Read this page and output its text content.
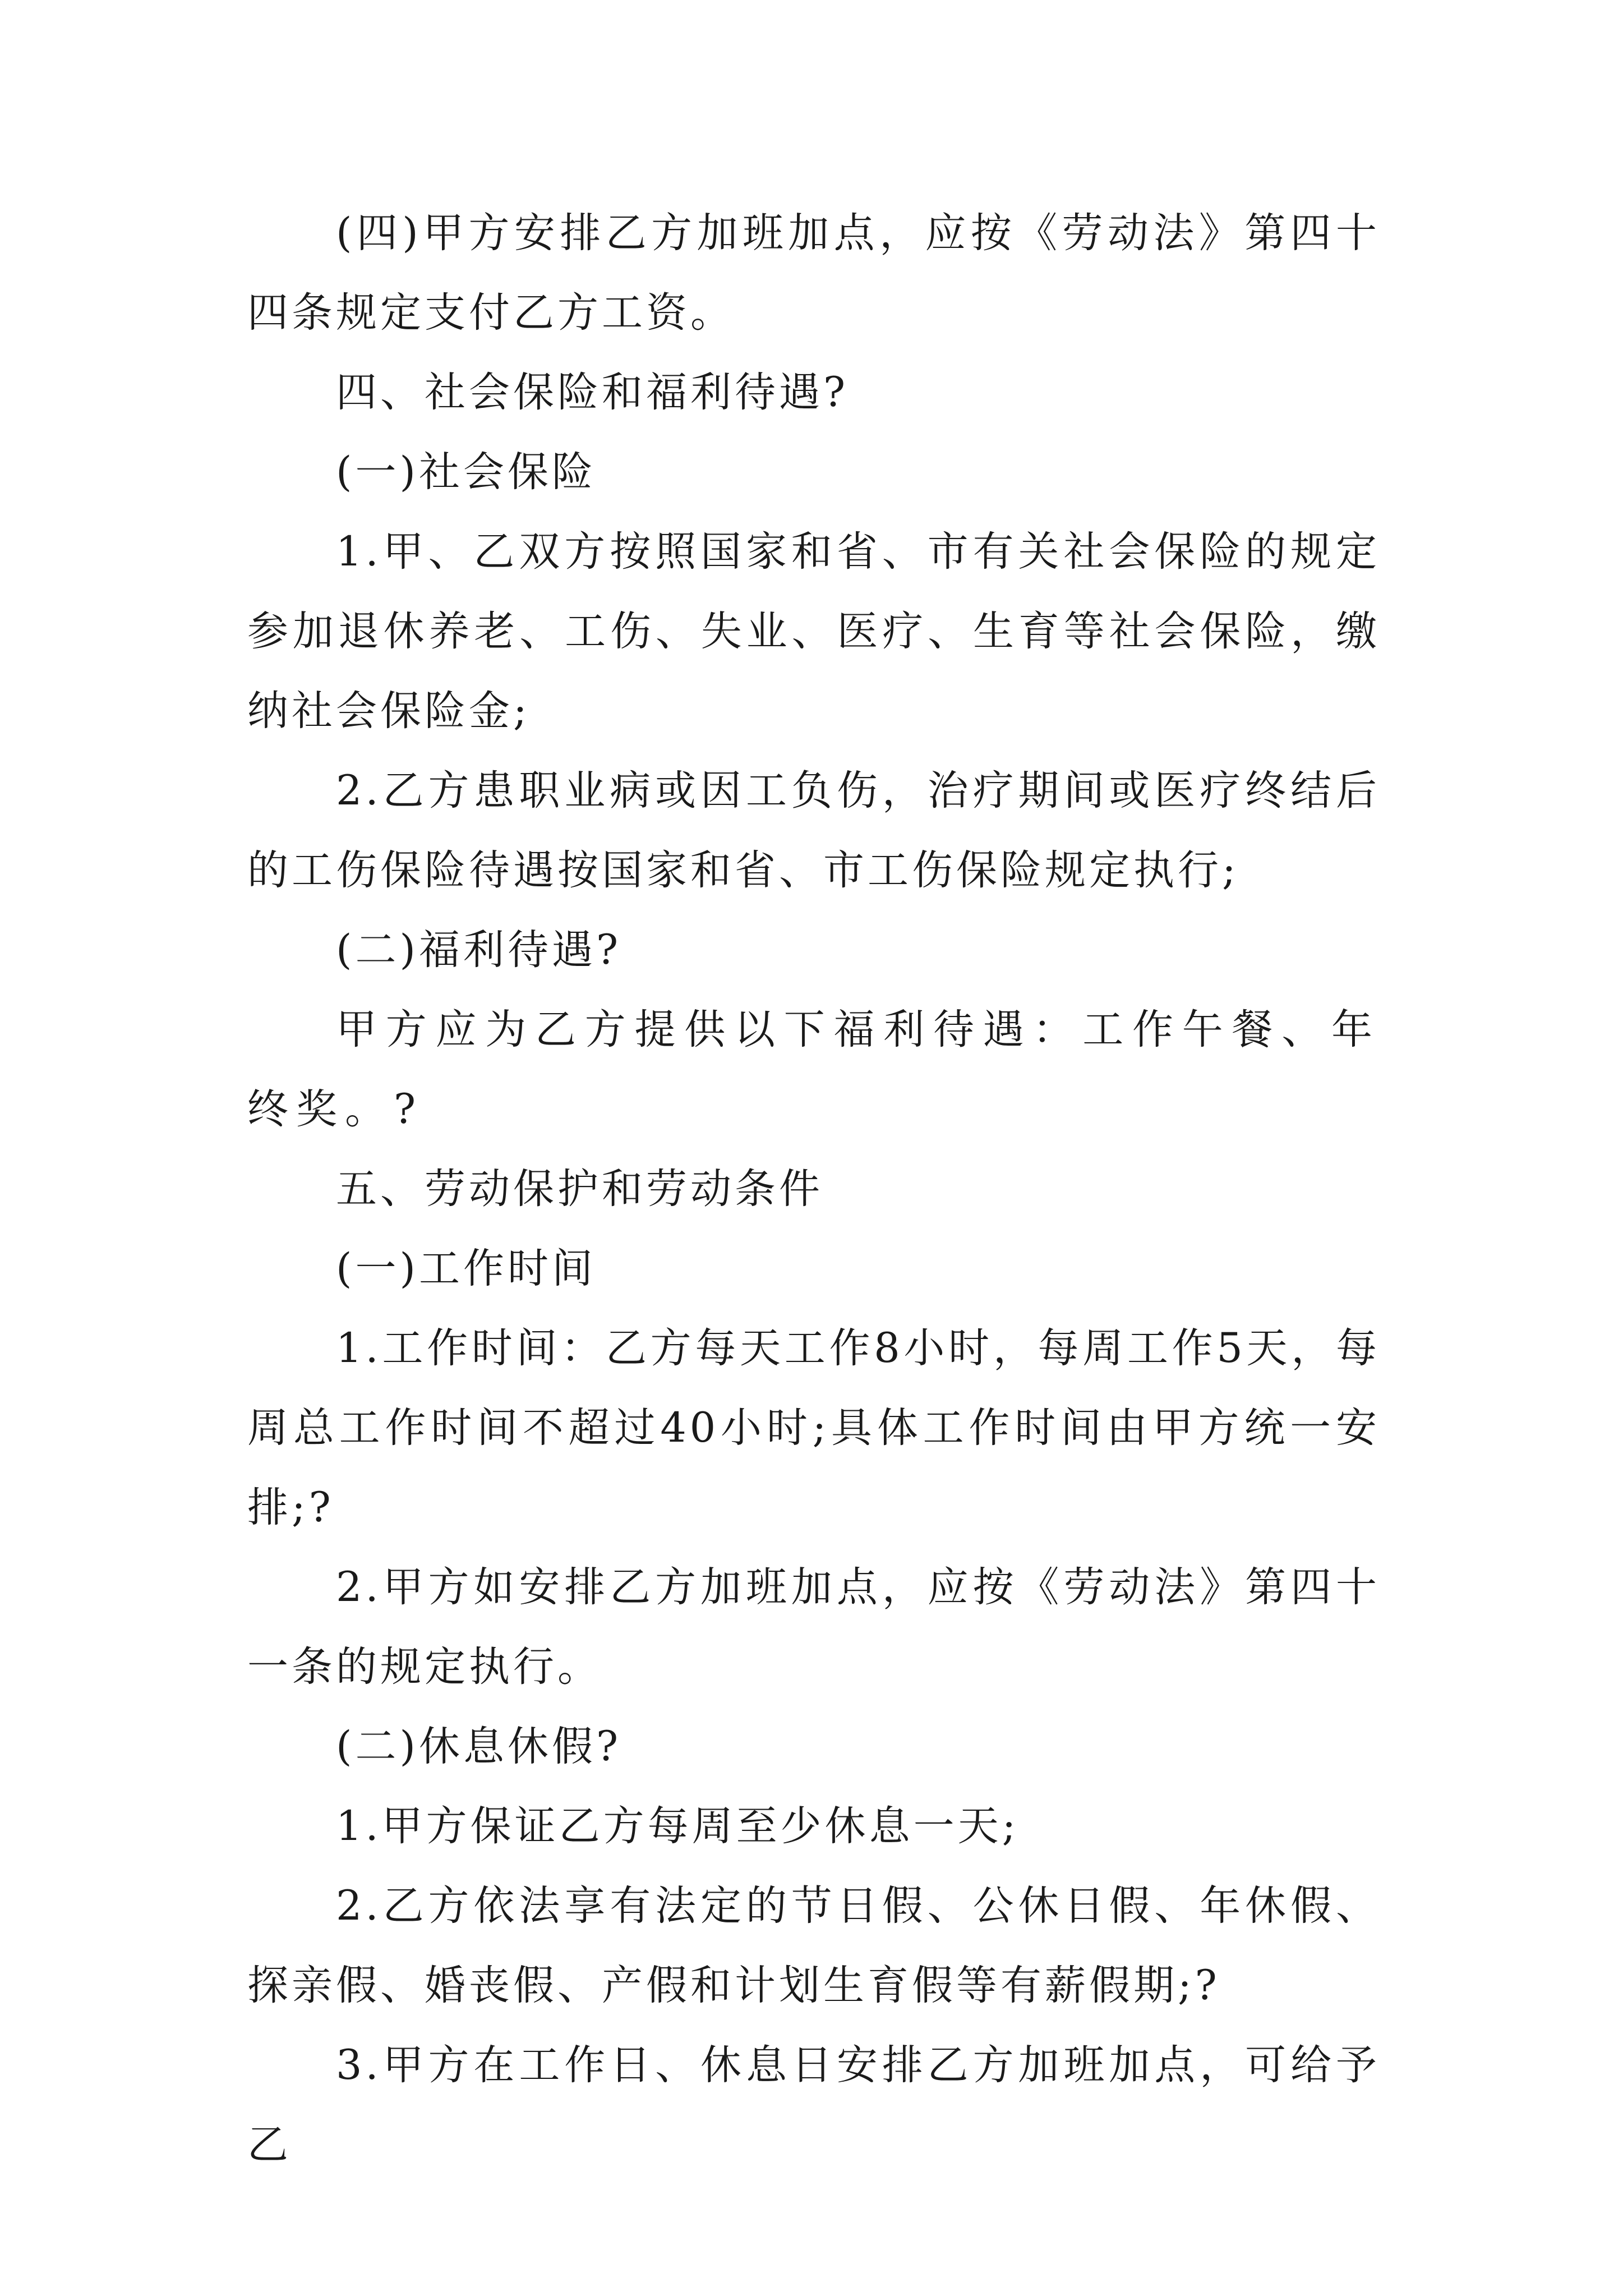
(四)甲方安排乙方加班加点，应按《劳动法》第四十四条规定支付乙方工资。

四、社会保险和福利待遇?

(一)社会保险

1.甲、乙双方按照国家和省、市有关社会保险的规定参加退休养老、工伤、失业、医疗、生育等社会保险，缴纳社会保险金;

2.乙方患职业病或因工负伤，治疗期间或医疗终结后的工伤保险待遇按国家和省、市工伤保险规定执行;

(二)福利待遇?

甲方应为乙方提供以下福利待遇：工作午餐、年终奖。?

五、劳动保护和劳动条件

(一)工作时间

1.工作时间：乙方每天工作8小时，每周工作5天，每周总工作时间不超过40小时;具体工作时间由甲方统一安排;?

2.甲方如安排乙方加班加点，应按《劳动法》第四十一条的规定执行。

(二)休息休假?

1.甲方保证乙方每周至少休息一天;

2.乙方依法享有法定的节日假、公休日假、年休假、探亲假、婚丧假、产假和计划生育假等有薪假期;?

3.甲方在工作日、休息日安排乙方加班加点，可给予乙
